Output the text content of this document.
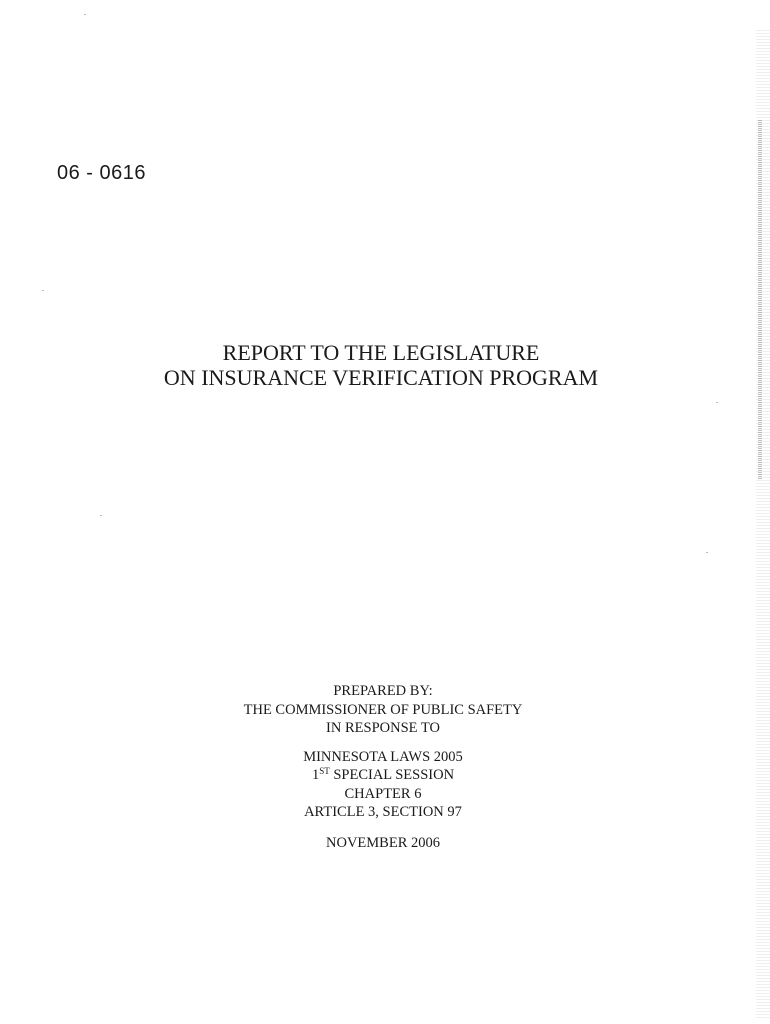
06 - 0616
REPORT TO THE LEGISLATURE
ON INSURANCE VERIFICATION PROGRAM
PREPARED BY:
THE COMMISSIONER OF PUBLIC SAFETY
IN RESPONSE TO
MINNESOTA LAWS 2005
1ST SPECIAL SESSION
CHAPTER 6
ARTICLE 3, SECTION 97
NOVEMBER 2006
